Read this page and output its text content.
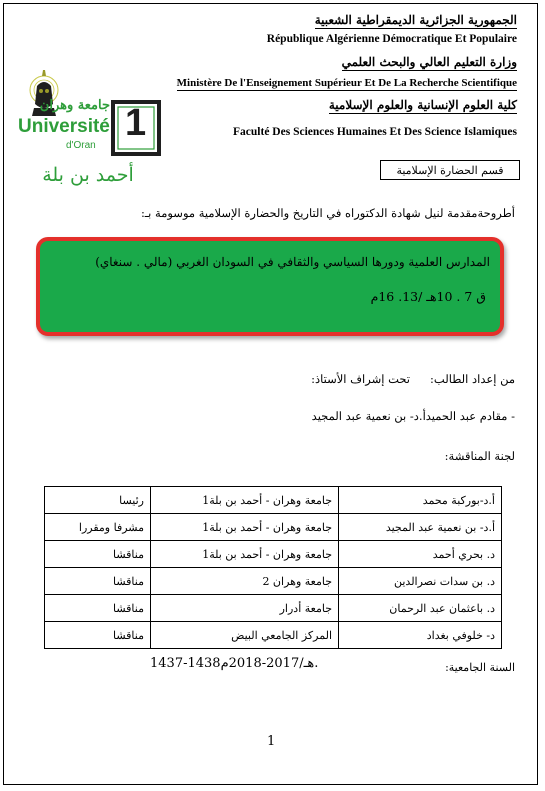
الجمهورية الجزائرية الديمقراطية الشعبية
République Algérienne Démocratique Et Populaire
وزارة التعليم العالي والبحث العلمي
Ministère De l'Enseignement Supérieur Et De La Recherche Scientifique
كلية العلوم الإنسانية والعلوم الإسلامية
Faculté Des Sciences Humaines Et Des Science Islamiques
قسم الحضارة الإسلامية
جامعة وهران
Université
d'Oran
1
أحمد بن بلة
أطروحةمقدمة لنيل شهادة الدكتوراه في التاريخ والحضارة الإسلامية موسومة بـ:
المدارس العلمية ودورها السياسي والثقافي في السودان الغربي (مالي . سنغاي)
ق 7 . 10هـ /13. 16م
من إعداد الطالب:
تحت إشراف الأستاذ:
- مقادم عبد الحميدأ.د- بن نعمية عبد المجيد
لجنة المناقشة:
أ.د-بوركبة محمد	جامعة وهران - أحمد بن بلة1	رئيسا
أ.د- بن نعمية عبد المجيد	جامعة وهران - أحمد بن بلة1	مشرفا ومقررا
د. بحري أحمد	جامعة وهران - أحمد بن بلة1	مناقشا
د. بن سدات نصرالدين	جامعة وهران 2	مناقشا
د. باعثمان عبد الرحمان	جامعة أدرار	مناقشا
د- خلوفي بغداد	المركز الجامعي البيض	مناقشا
السنة الجامعية:
1437-1438هـ/2017-2018م.
1
